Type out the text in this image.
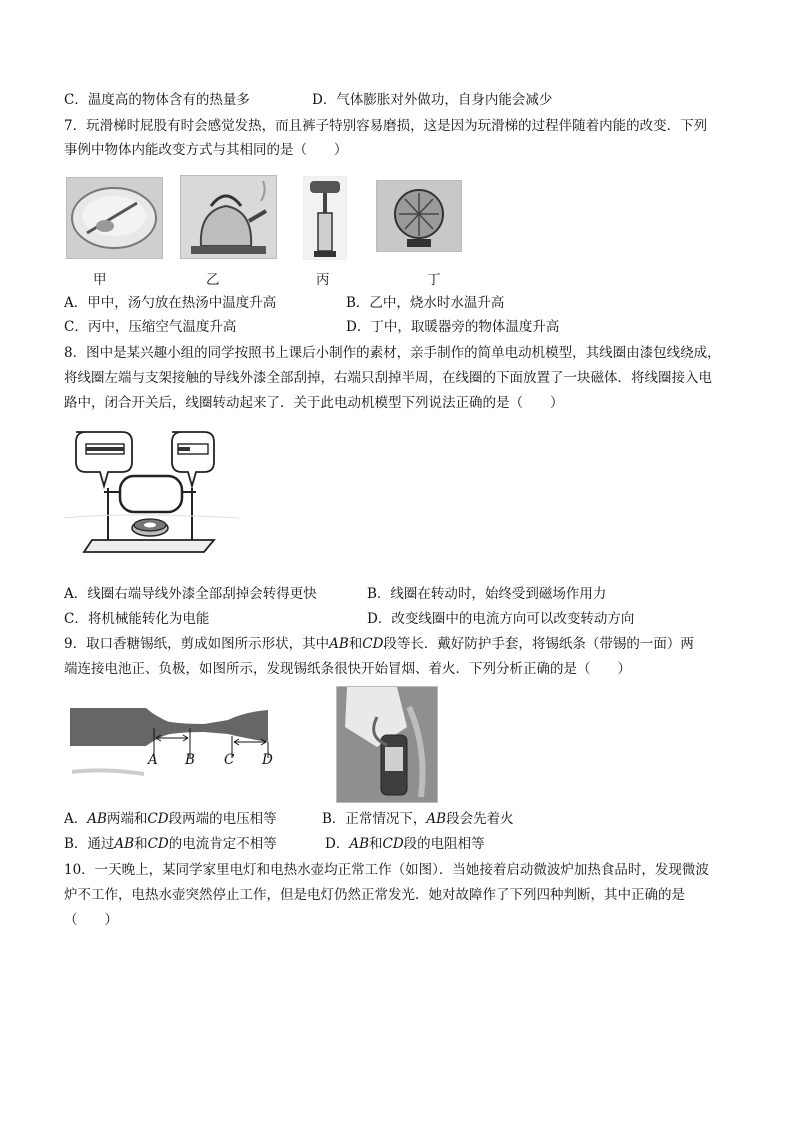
C．温度高的物体含有的热量多	D．气体膨胀对外做功，自身内能会减少
7．玩滑梯时屁股有时会感觉发热，而且裤子特别容易磨损，这是因为玩滑梯的过程伴随着内能的改变．下列
事例中物体内能改变方式与其相同的是（　　）
甲	乙	丙	丁
A．甲中，汤勺放在热汤中温度升高	B．乙中，烧水时水温升高
C．丙中，压缩空气温度升高	D．丁中，取暖器旁的物体温度升高
8．图中是某兴趣小组的同学按照书上课后小制作的素材，亲手制作的简单电动机模型，其线圈由漆包线绕成，
将线圈左端与支架接触的导线外漆全部刮掉，右端只刮掉半周，在线圈的下面放置了一块磁体．将线圈接入电
路中，闭合开关后，线圈转动起来了．关于此电动机模型下列说法正确的是（　　）
A．线圈右端导线外漆全部刮掉会转得更快	B．线圈在转动时，始终受到磁场作用力
C．将机械能转化为电能	D．改变线圈中的电流方向可以改变转动方向
9．取口香糖锡纸，剪成如图所示形状，其中AB和CD段等长．戴好防护手套，将锡纸条（带锡的一面）两
端连接电池正、负极，如图所示，发现锡纸条很快开始冒烟、着火．下列分析正确的是（　　）
A B C D
A．AB两端和CD段两端的电压相等	B．正常情况下，AB段会先着火
B．通过AB和CD的电流肯定不相等	D．AB和CD段的电阻相等
10．一天晚上，某同学家里电灯和电热水壶均正常工作（如图）．当她接着启动微波炉加热食品时，发现微波
炉不工作，电热水壶突然停止工作，但是电灯仍然正常发光．她对故障作了下列四种判断，其中正确的是
（　　）
